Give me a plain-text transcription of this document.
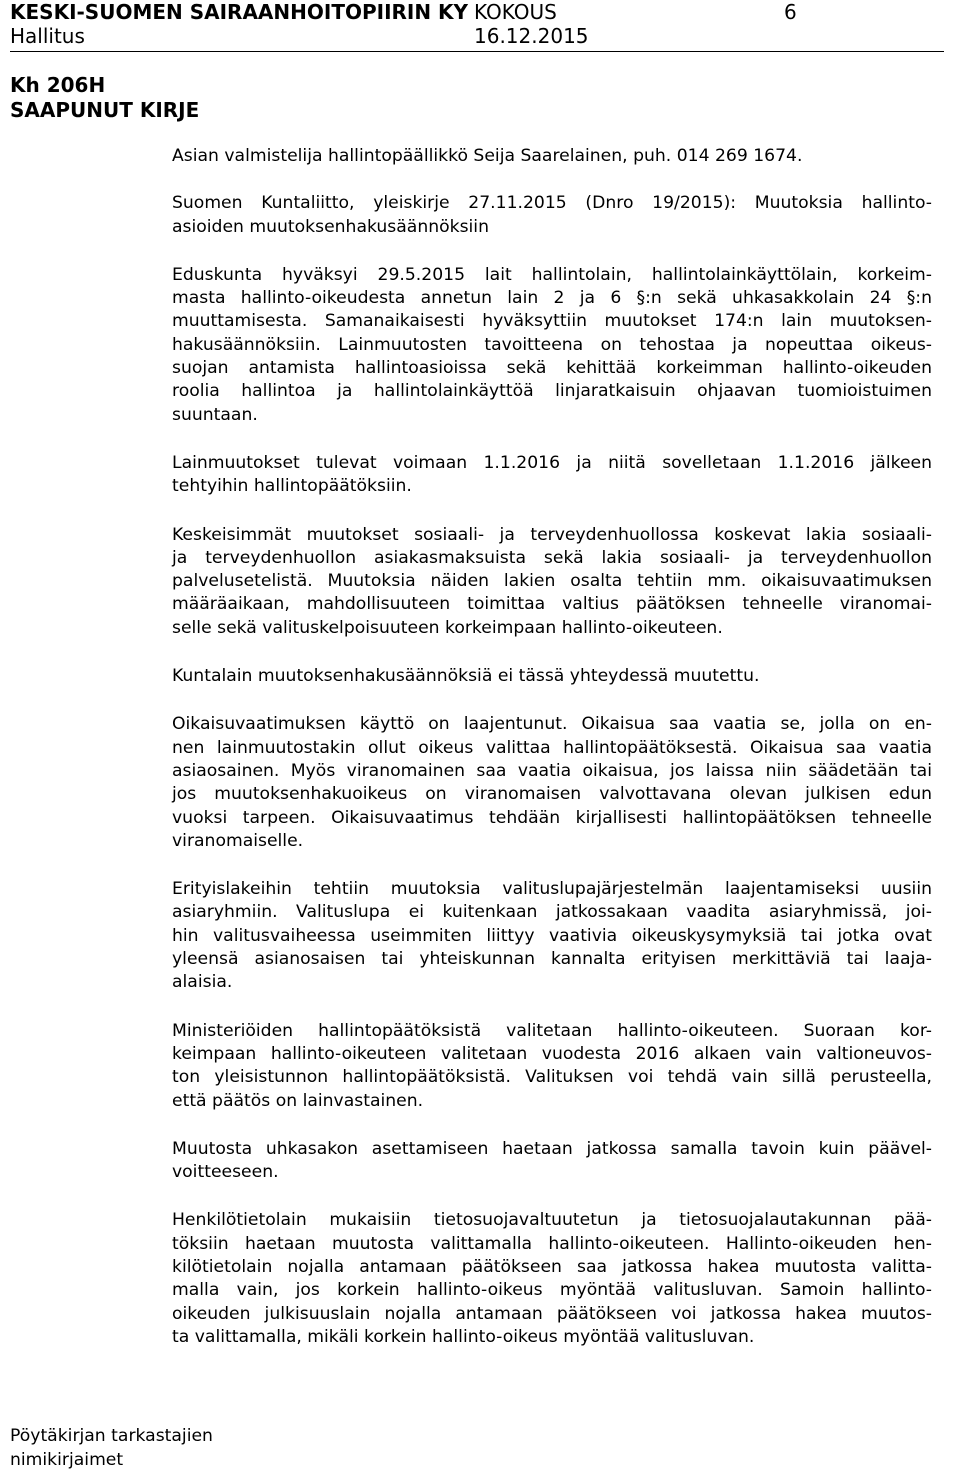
KESKI-SUOMEN SAIRAANHOITOPIIRIN KY KOKOUS	6
Hallitus	16.12.2015
Kh 206H
SAAPUNUT KIRJE

Asian valmistelija hallintopäällikkö Seija Saarelainen, puh. 014 269 1674.

Suomen Kuntaliitto, yleiskirje 27.11.2015 (Dnro 19/2015): Muutoksia hallinto-
asioiden muutoksenhakusäännöksiin

Eduskunta hyväksyi 29.5.2015 lait hallintolain, hallintolainkäyttölain, korkeim-
masta hallinto-oikeudesta annetun lain 2 ja 6 §:n sekä uhkasakkolain 24 §:n
muuttamisesta. Samanaikaisesti hyväksyttiin muutokset 174:n lain muutoksen-
hakusäännöksiin. Lainmuutosten tavoitteena on tehostaa ja nopeuttaa oikeus-
suojan antamista hallintoasioissa sekä kehittää korkeimman hallinto-oikeuden
roolia hallintoa ja hallintolainkäyttöä linjaratkaisuin ohjaavan tuomioistuimen
suuntaan.

Lainmuutokset tulevat voimaan 1.1.2016 ja niitä sovelletaan 1.1.2016 jälkeen
tehtyihin hallintopäätöksiin.

Keskeisimmät muutokset sosiaali- ja terveydenhuollossa koskevat lakia sosiaali-
ja terveydenhuollon asiakasmaksuista sekä lakia sosiaali- ja terveydenhuollon
palvelusetelistä. Muutoksia näiden lakien osalta tehtiin mm. oikaisuvaatimuksen
määräaikaan, mahdollisuuteen toimittaa valtius päätöksen tehneelle viranomai-
selle sekä valituskelpoisuuteen korkeimpaan hallinto-oikeuteen.

Kuntalain muutoksenhakusäännöksiä ei tässä yhteydessä muutettu.

Oikaisuvaatimuksen käyttö on laajentunut. Oikaisua saa vaatia se, jolla on en-
nen lainmuutostakin ollut oikeus valittaa hallintopäätöksestä. Oikaisua saa vaatia
asiaosainen. Myös viranomainen saa vaatia oikaisua, jos laissa niin säädetään tai
jos muutoksenhakuoikeus on viranomaisen valvottavana olevan julkisen edun
vuoksi tarpeen. Oikaisuvaatimus tehdään kirjallisesti hallintopäätöksen tehneelle
viranomaiselle.

Erityislakeihin tehtiin muutoksia valituslupajärjestelmän laajentamiseksi uusiin
asiaryhmiin. Valituslupa ei kuitenkaan jatkossakaan vaadita asiaryhmissä, joi-
hin valitusvaiheessa useimmiten liittyy vaativia oikeuskysymyksiä tai jotka ovat
yleensä asianosaisen tai yhteiskunnan kannalta erityisen merkittäviä tai laaja-
alaisia.

Ministeriöiden hallintopäätöksistä valitetaan hallinto-oikeuteen. Suoraan kor-
keimpaan hallinto-oikeuteen valitetaan vuodesta 2016 alkaen vain valtioneuvos-
ton yleisistunnon hallintopäätöksistä. Valituksen voi tehdä vain sillä perusteella,
että päätös on lainvastainen.

Muutosta uhkasakon asettamiseen haetaan jatkossa samalla tavoin kuin päävel-
voitteeseen.

Henkilötietolain mukaisiin tietosuojavaltuutetun ja tietosuojalautakunnan pää-
töksiin haetaan muutosta valittamalla hallinto-oikeuteen. Hallinto-oikeuden hen-
kilötietolain nojalla antamaan päätökseen saa jatkossa hakea muutosta valitta-
malla vain, jos korkein hallinto-oikeus myöntää valitusluvan. Samoin hallinto-
oikeuden julkisuuslain nojalla antamaan päätökseen voi jatkossa hakea muutos-
ta valittamalla, mikäli korkein hallinto-oikeus myöntää valitusluvan.

Pöytäkirjan tarkastajien
nimikirjaimet
